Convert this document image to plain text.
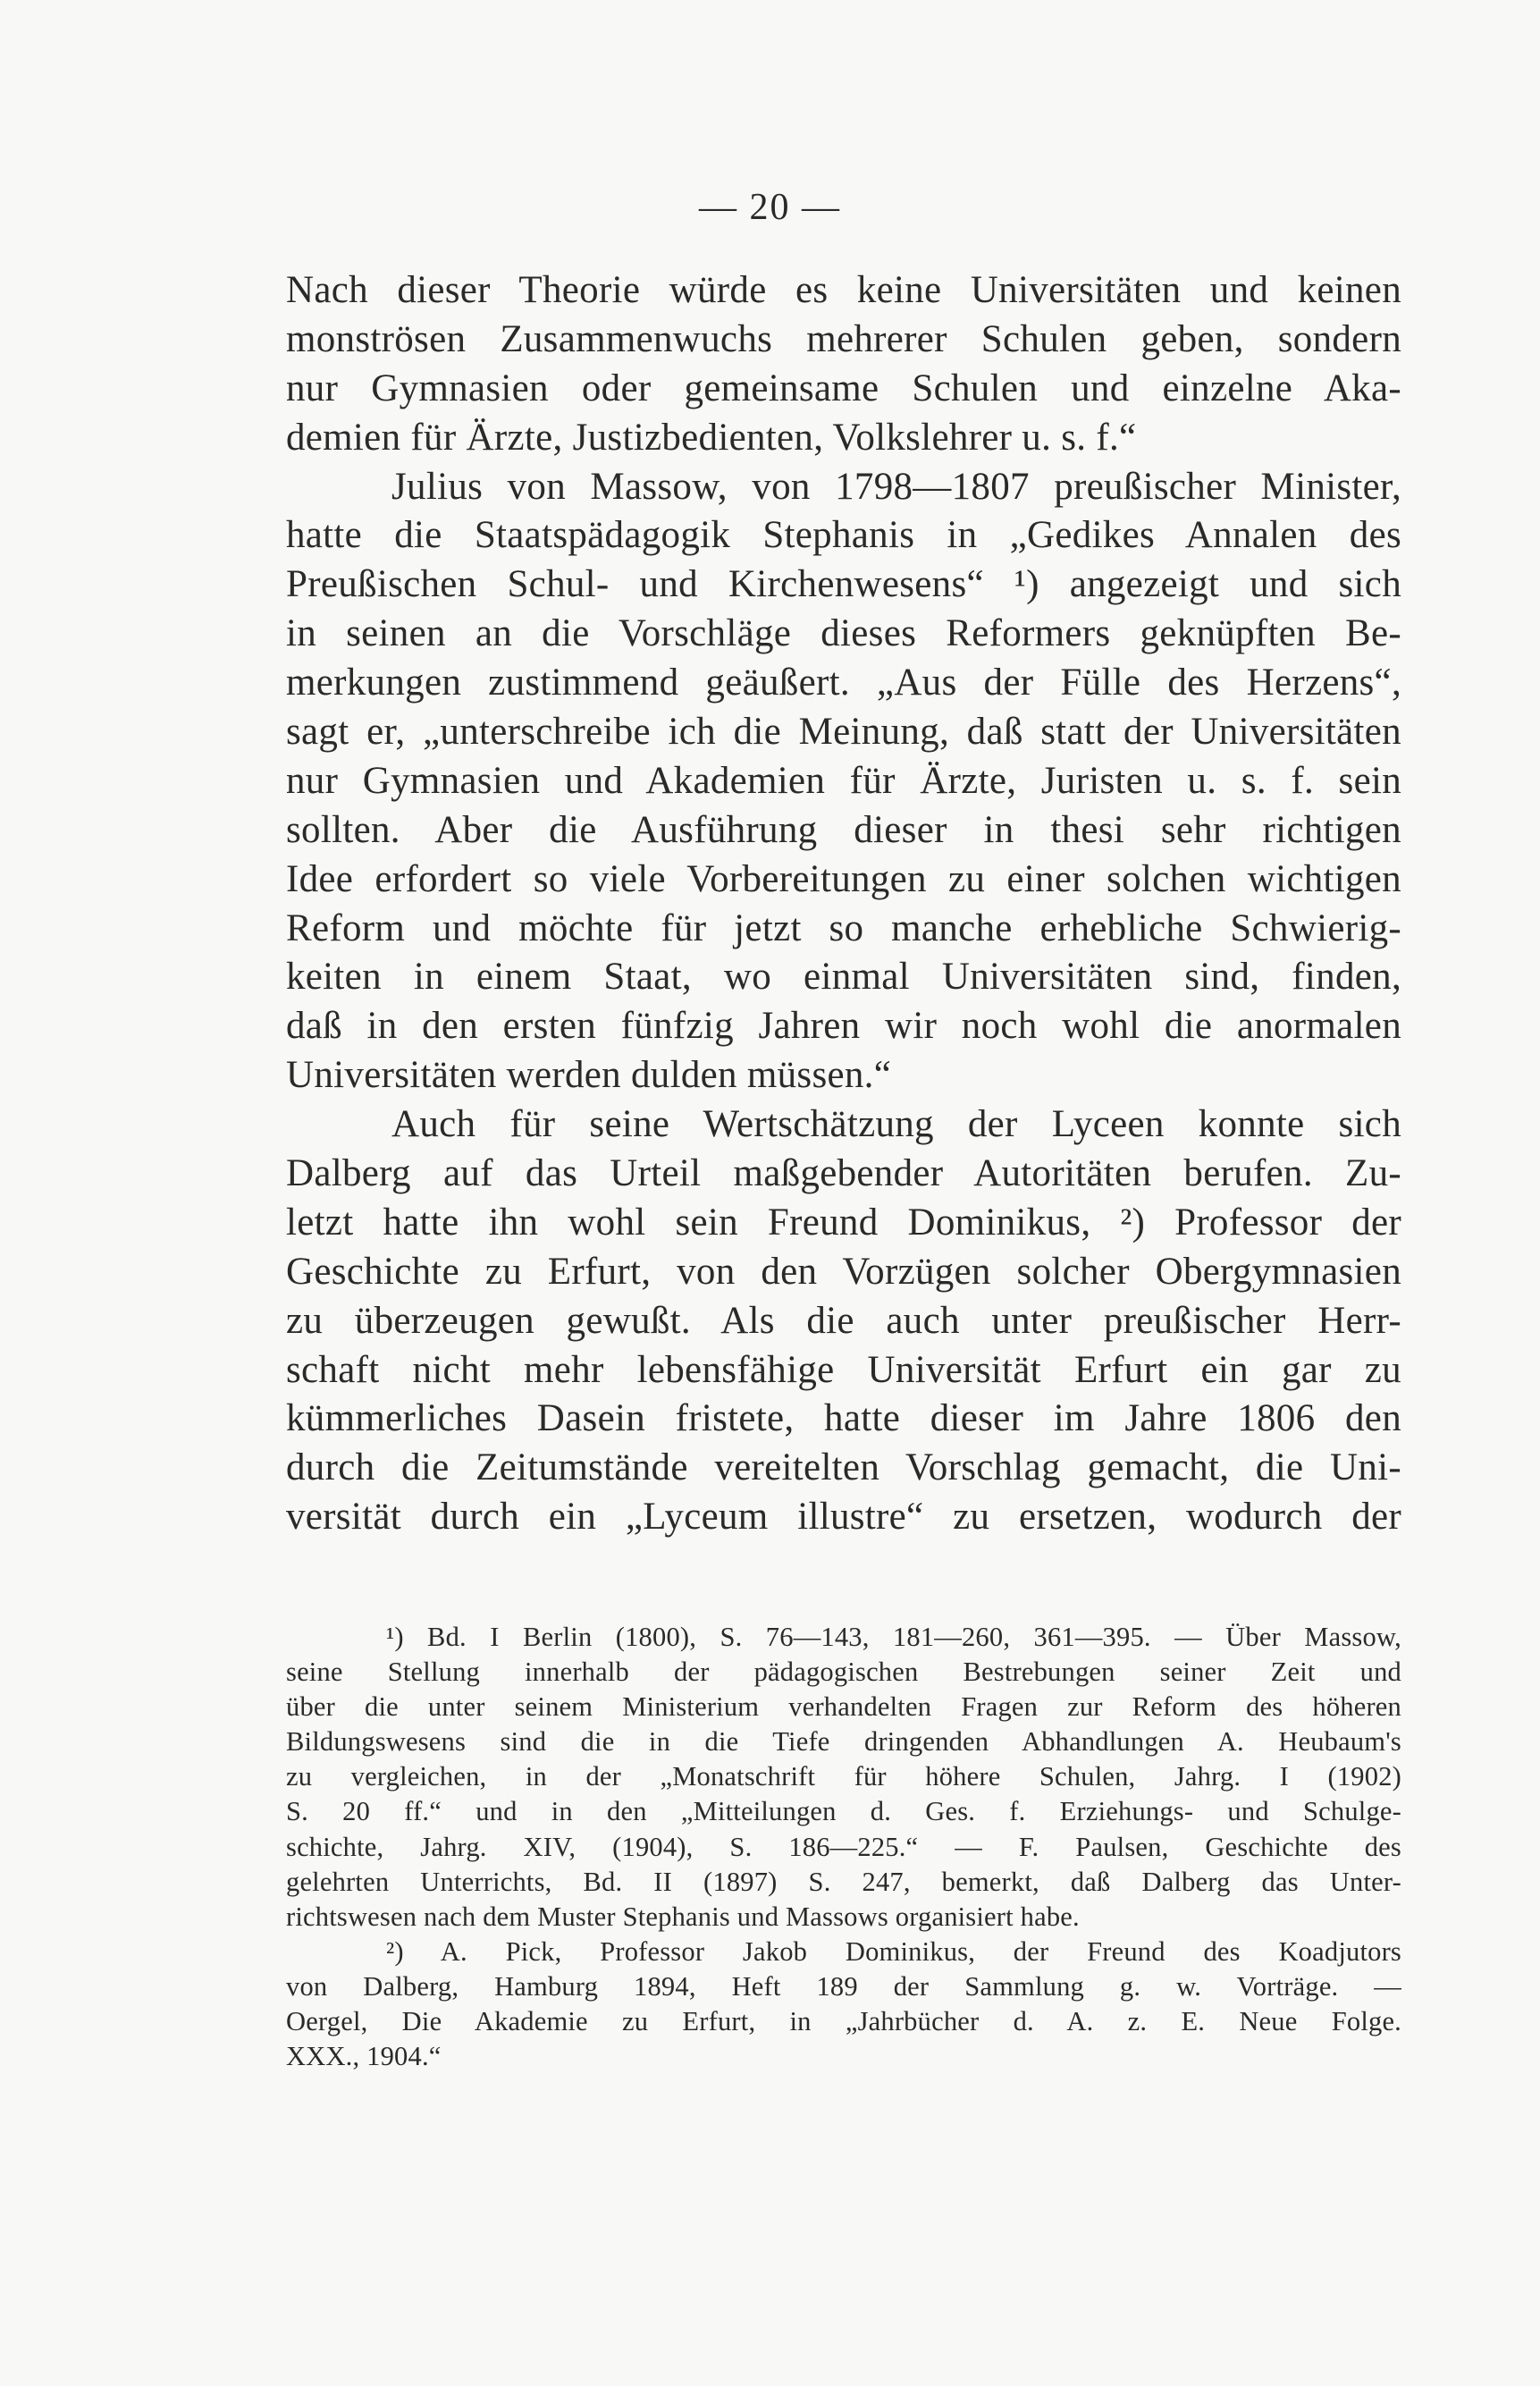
— 20 —
Nach dieser Theorie würde es keine Universitäten und keinen
monströsen Zusammenwuchs mehrerer Schulen geben, sondern
nur Gymnasien oder gemeinsame Schulen und einzelne Aka-
demien für Ärzte, Justizbedienten, Volkslehrer u. s. f.“
Julius von Massow, von 1798—1807 preußischer Minister,
hatte die Staatspädagogik Stephanis in „Gedikes Annalen des
Preußischen Schul- und Kirchenwesens“ ¹) angezeigt und sich
in seinen an die Vorschläge dieses Reformers geknüpften Be-
merkungen zustimmend geäußert. „Aus der Fülle des Herzens“,
sagt er, „unterschreibe ich die Meinung, daß statt der Universitäten
nur Gymnasien und Akademien für Ärzte, Juristen u. s. f. sein
sollten. Aber die Ausführung dieser in thesi sehr richtigen
Idee erfordert so viele Vorbereitungen zu einer solchen wichtigen
Reform und möchte für jetzt so manche erhebliche Schwierig-
keiten in einem Staat, wo einmal Universitäten sind, finden,
daß in den ersten fünfzig Jahren wir noch wohl die anormalen
Universitäten werden dulden müssen.“
Auch für seine Wertschätzung der Lyceen konnte sich
Dalberg auf das Urteil maßgebender Autoritäten berufen. Zu-
letzt hatte ihn wohl sein Freund Dominikus, ²) Professor der
Geschichte zu Erfurt, von den Vorzügen solcher Obergymnasien
zu überzeugen gewußt. Als die auch unter preußischer Herr-
schaft nicht mehr lebensfähige Universität Erfurt ein gar zu
kümmerliches Dasein fristete, hatte dieser im Jahre 1806 den
durch die Zeitumstände vereitelten Vorschlag gemacht, die Uni-
versität durch ein „Lyceum illustre“ zu ersetzen, wodurch der
¹) Bd. I Berlin (1800), S. 76—143, 181—260, 361—395. — Über Massow,
seine Stellung innerhalb der pädagogischen Bestrebungen seiner Zeit und
über die unter seinem Ministerium verhandelten Fragen zur Reform des höheren
Bildungswesens sind die in die Tiefe dringenden Abhandlungen A. Heubaum's
zu vergleichen, in der „Monatschrift für höhere Schulen, Jahrg. I (1902)
S. 20 ff.“ und in den „Mitteilungen d. Ges. f. Erziehungs- und Schulge-
schichte, Jahrg. XIV, (1904), S. 186—225.“ — F. Paulsen, Geschichte des
gelehrten Unterrichts, Bd. II (1897) S. 247, bemerkt, daß Dalberg das Unter-
richtswesen nach dem Muster Stephanis und Massows organisiert habe.
²) A. Pick, Professor Jakob Dominikus, der Freund des Koadjutors
von Dalberg, Hamburg 1894, Heft 189 der Sammlung g. w. Vorträge. —
Oergel, Die Akademie zu Erfurt, in „Jahrbücher d. A. z. E. Neue Folge.
XXX., 1904.“
